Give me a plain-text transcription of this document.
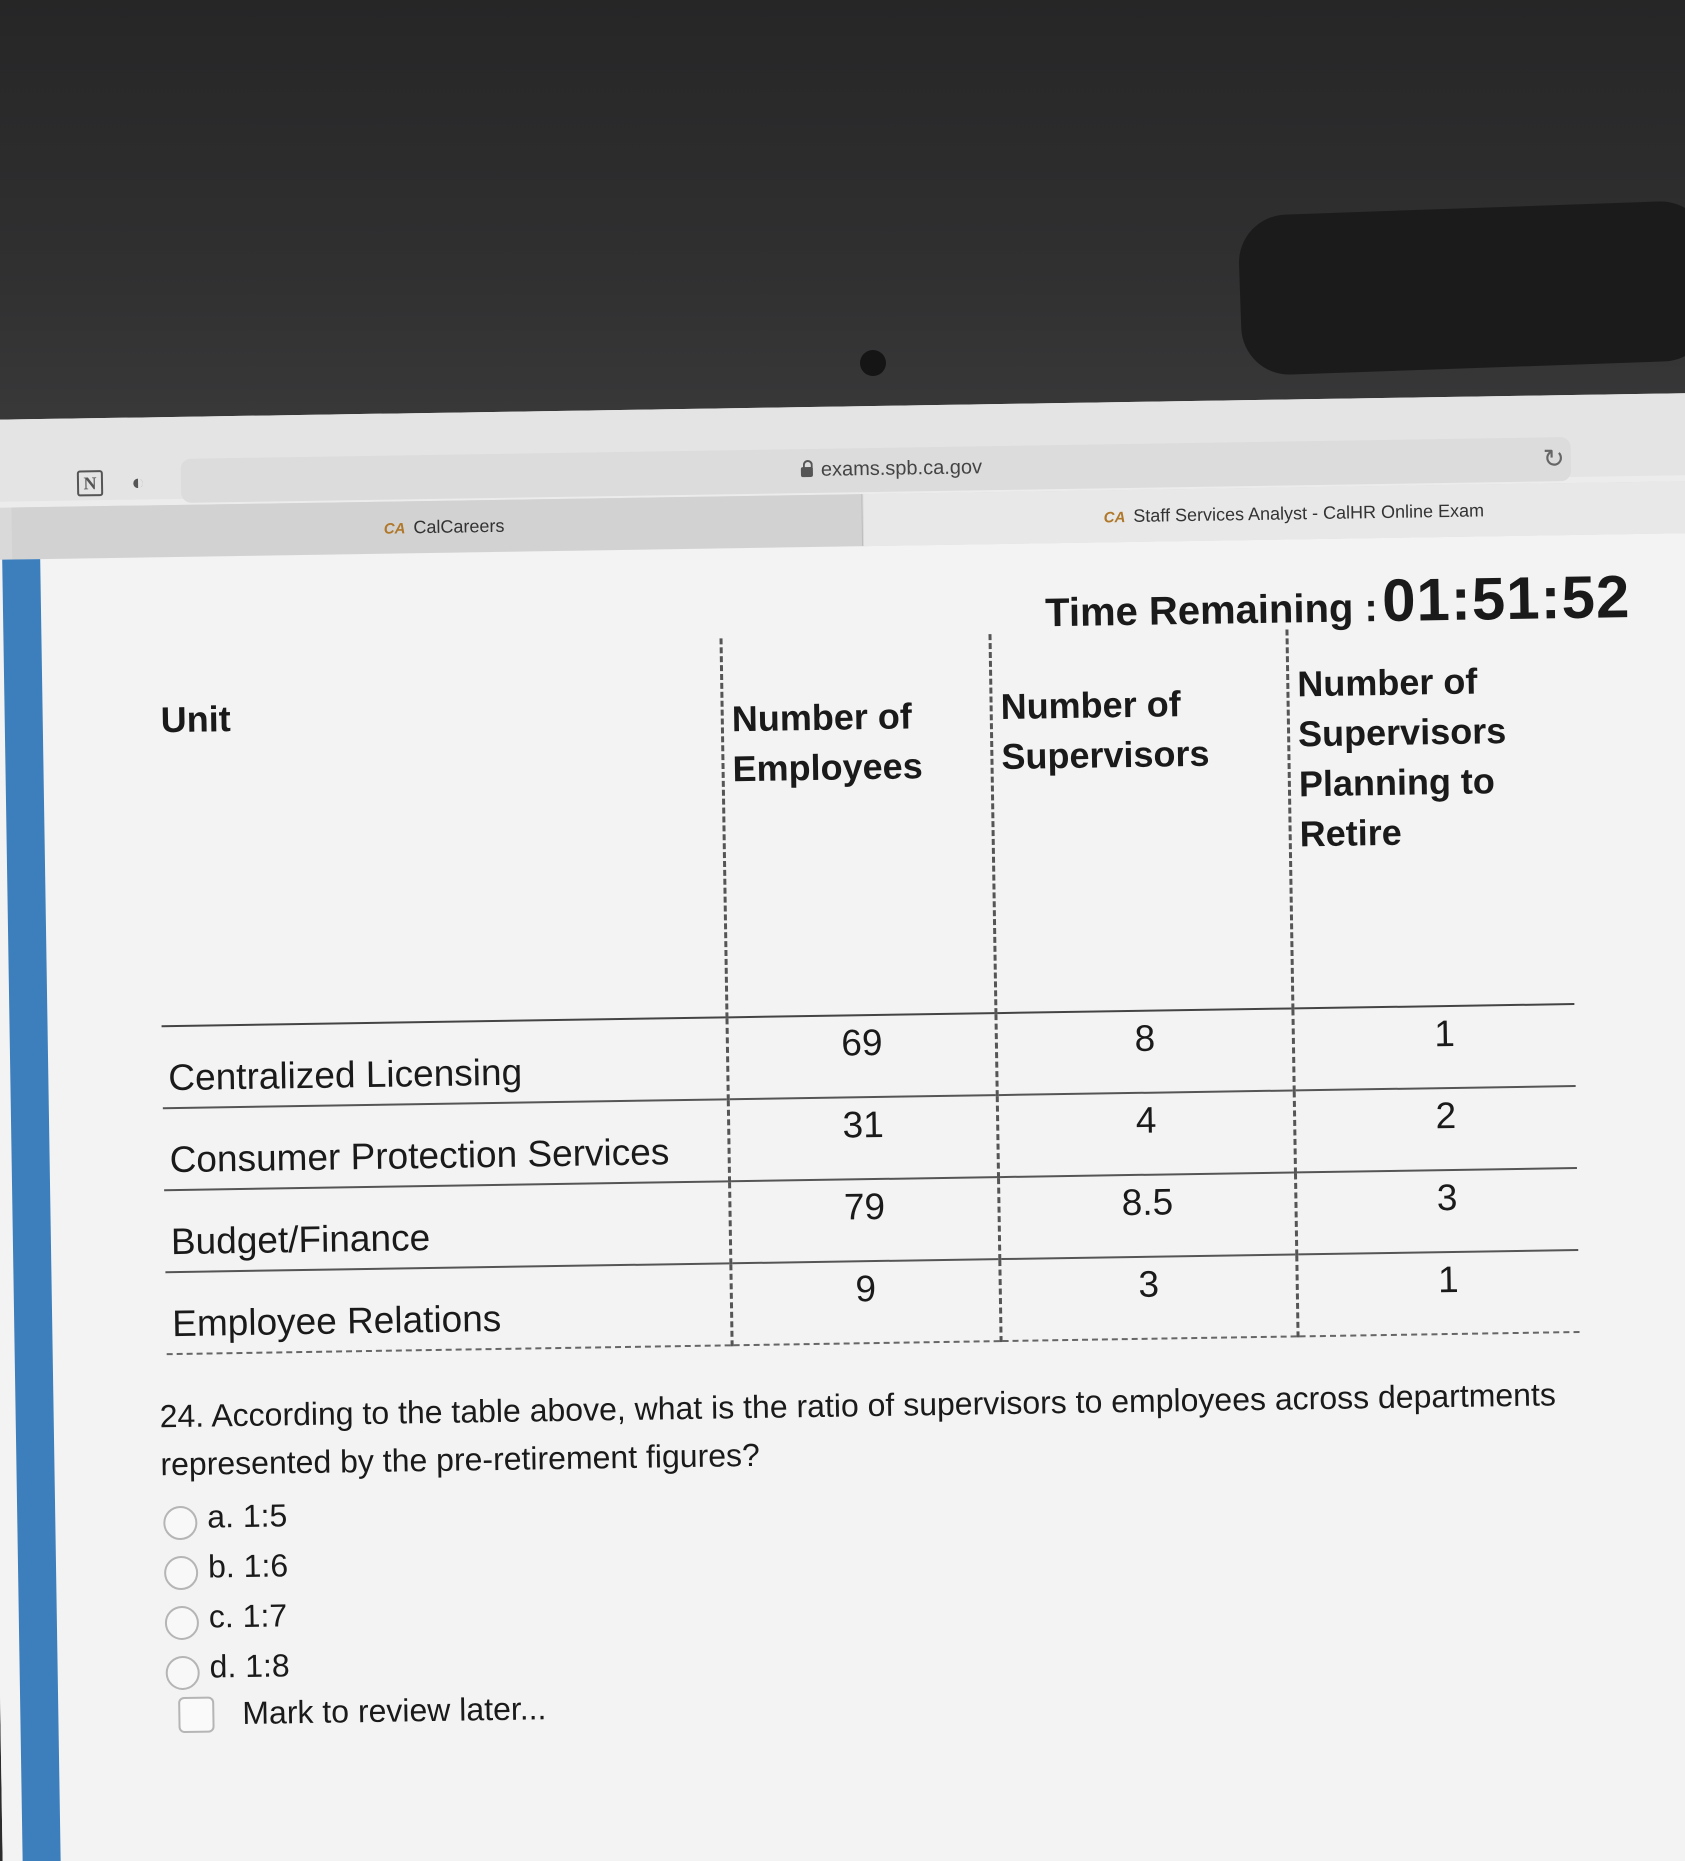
N ◐
exams.spb.ca.gov	↻
CA CalCareers	CA Staff Services Analyst - CalHR Online Exam
Time Remaining : 01:51:52
Unit	Number of Employees	Number of Supervisors	Number of Supervisors Planning to Retire
Centralized Licensing	69	8	1
Consumer Protection Services	31	4	2
Budget/Finance	79	8.5	3
Employee Relations	9	3	1
24. According to the table above, what is the ratio of supervisors to employees across departments represented by the pre-retirement figures?
a. 1:5
b. 1:6
c. 1:7
d. 1:8
Mark to review later...
